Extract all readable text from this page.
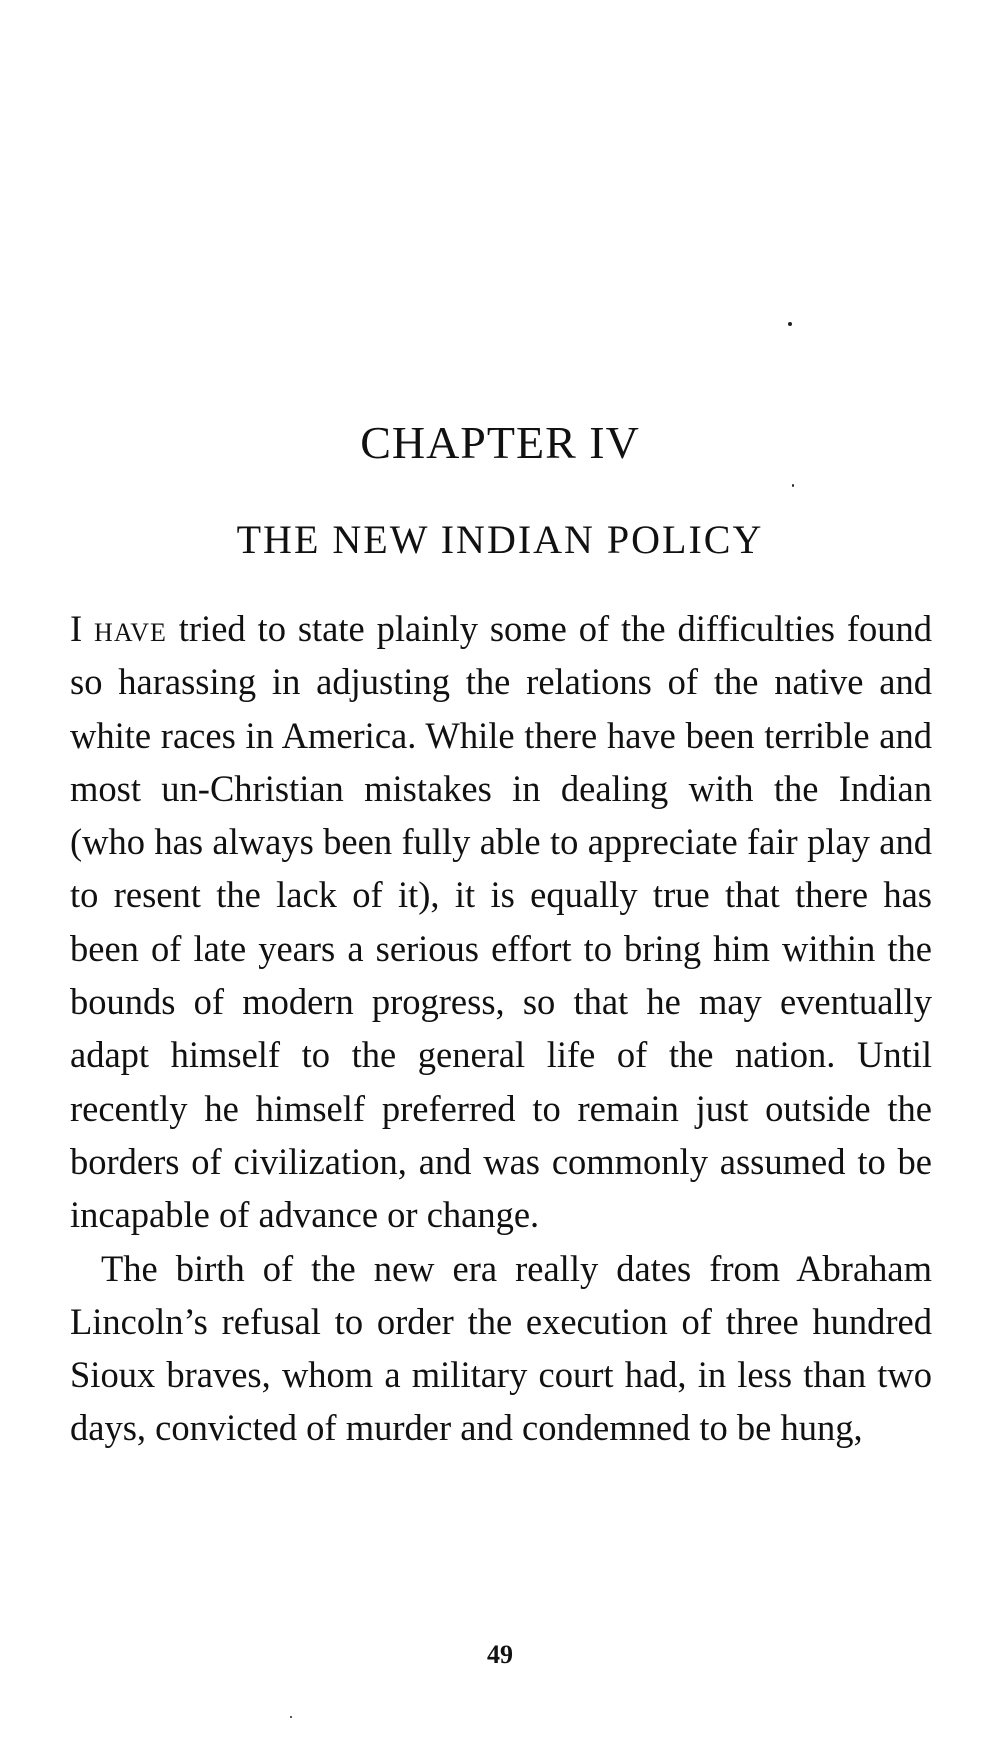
CHAPTER IV
THE NEW INDIAN POLICY

I have tried to state plainly some of the difficulties found so harassing in adjusting the relations of the native and white races in America. While there have been terrible and most un-Christian mistakes in dealing with the Indian (who has always been fully able to appreciate fair play and to resent the lack of it), it is equally true that there has been of late years a serious effort to bring him within the bounds of modern progress, so that he may eventually adapt himself to the general life of the nation. Until recently he himself preferred to remain just outside the borders of civilization, and was commonly assumed to be incapable of advance or change.

The birth of the new era really dates from Abraham Lincoln’s refusal to order the execution of three hundred Sioux braves, whom a military court had, in less than two days, convicted of murder and condemned to be hung,

49
